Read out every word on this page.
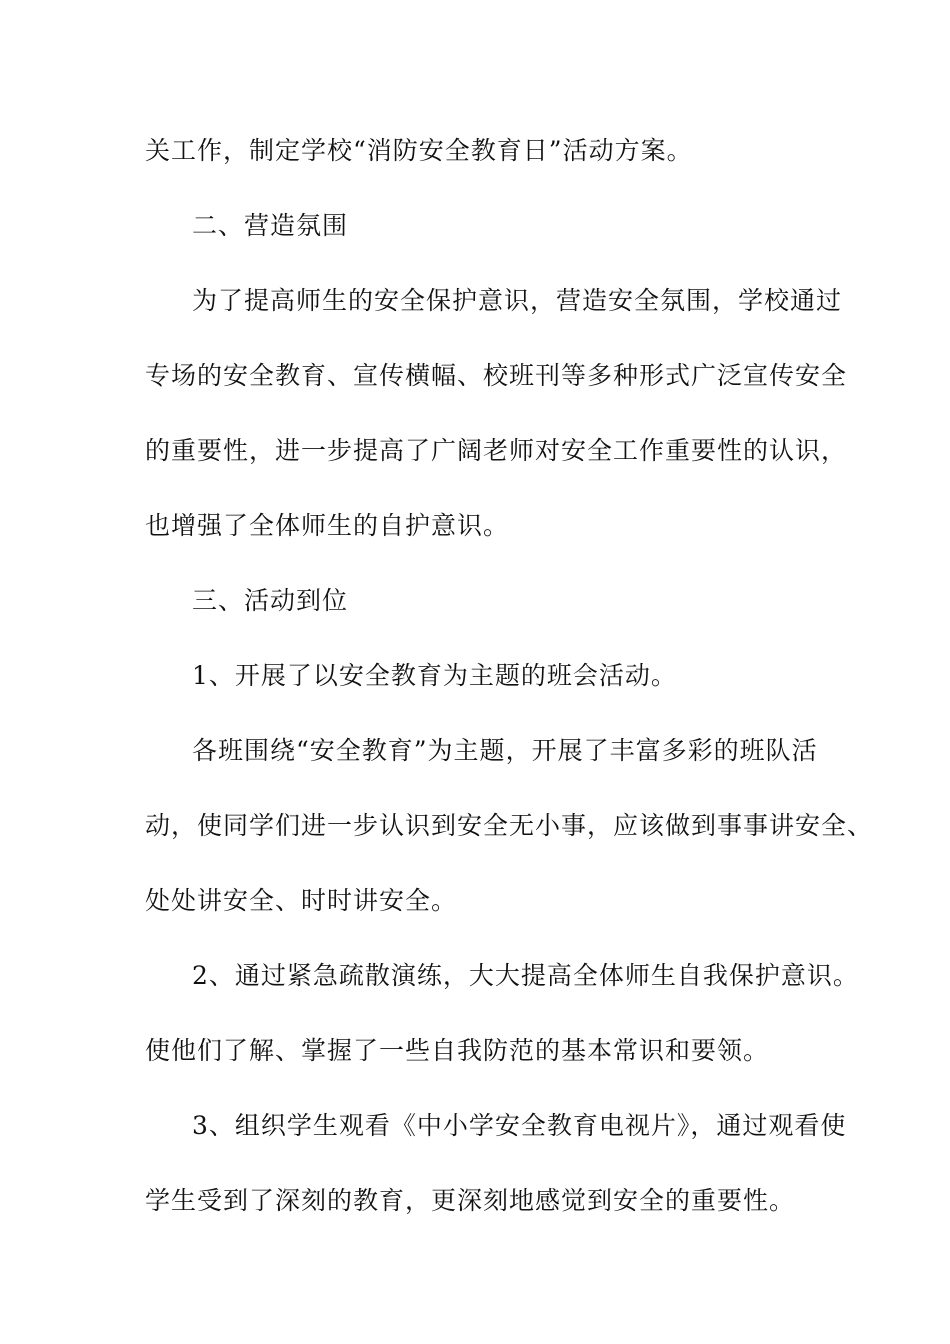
关工作，制定学校“消防安全教育日”活动方案。
二、营造氛围
为了提高师生的安全保护意识，营造安全氛围，学校通过
专场的安全教育、宣传横幅、校班刊等多种形式广泛宣传安全
的重要性，进一步提高了广阔老师对安全工作重要性的认识，
也增强了全体师生的自护意识。
三、活动到位
1、开展了以安全教育为主题的班会活动。
各班围绕“安全教育”为主题，开展了丰富多彩的班队活
动，使同学们进一步认识到安全无小事，应该做到事事讲安全、
处处讲安全、时时讲安全。
2、通过紧急疏散演练，大大提高全体师生自我保护意识。
使他们了解、掌握了一些自我防范的基本常识和要领。
3、组织学生观看《中小学安全教育电视片》，通过观看使
学生受到了深刻的教育，更深刻地感觉到安全的重要性。
